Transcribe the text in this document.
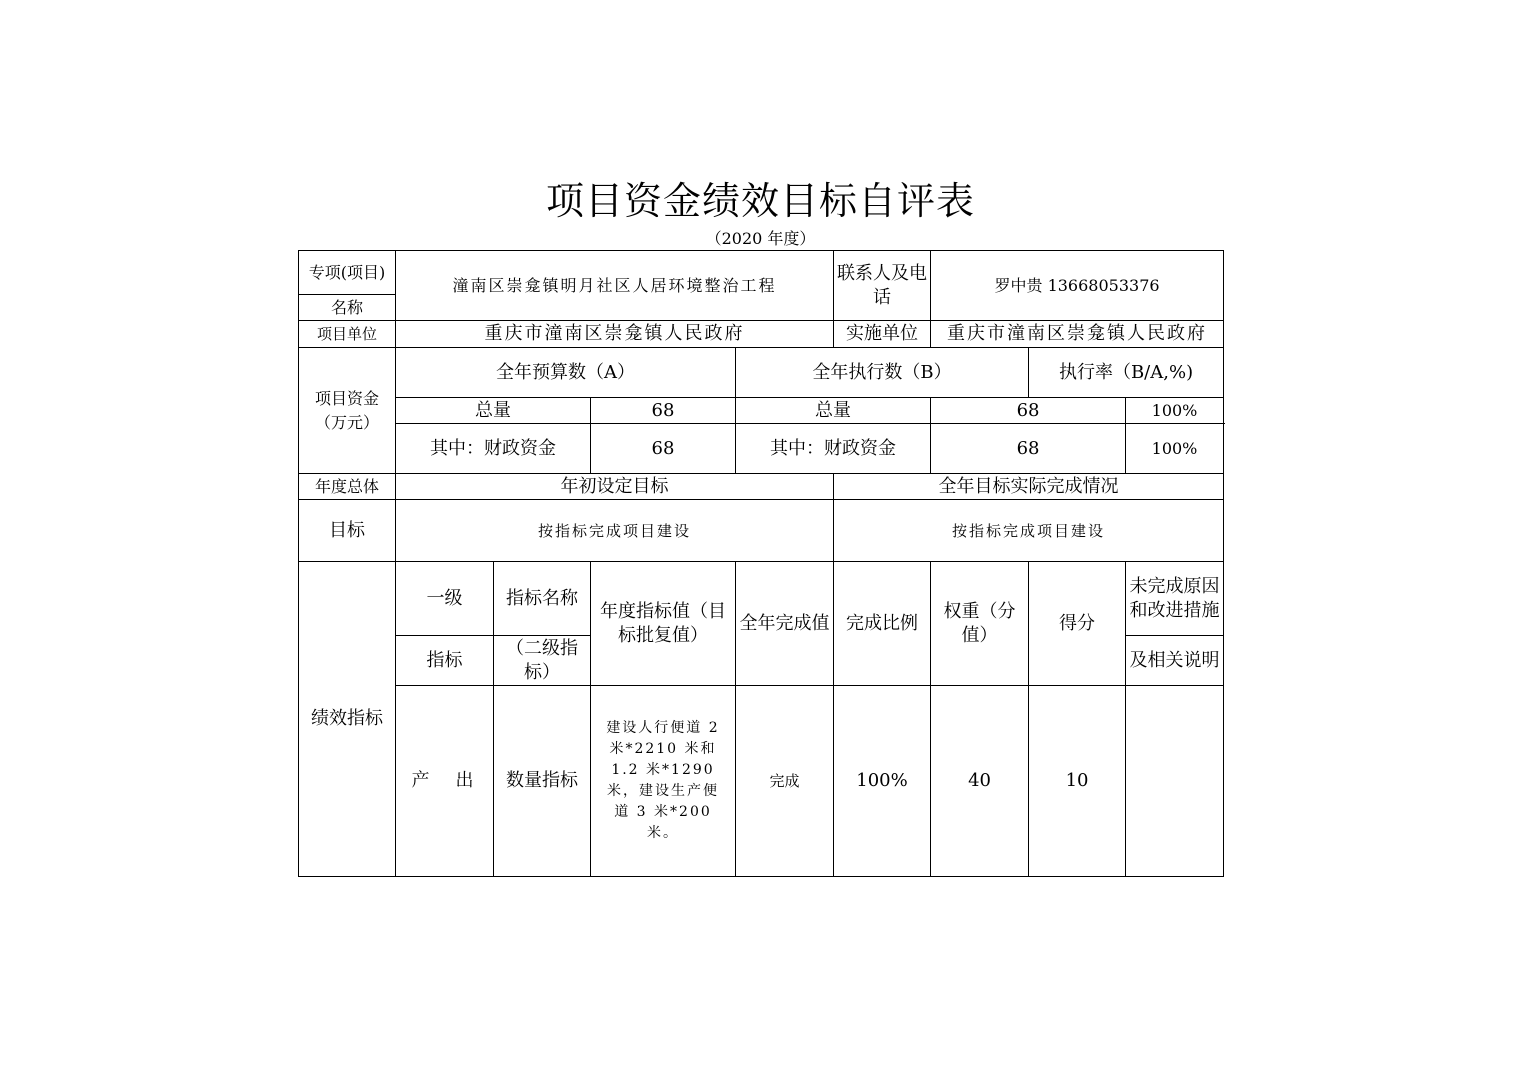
项目资金绩效目标自评表
（2020 年度）
专项(项目)	潼南区崇龛镇明月社区人居环境整治工程				联系人及电话	罗中贵 13668053376		
名称								
项目单位	重庆市潼南区崇龛镇人民政府				实施单位	重庆市潼南区崇龛镇人民政府		
项目资金（万元）	全年预算数（A）			全年执行数（B）			执行率（B/A,%)	
	总量		68	总量		68		100%
	其中：财政资金		68	其中：财政资金		68		100%
年度总体	年初设定目标				全年目标实际完成情况			
目标	按指标完成项目建设				按指标完成项目建设			
绩效指标	一级	指标名称	年度指标值（目标批复值）	全年完成值	完成比例	权重（分值）	得分	未完成原因和改进措施
	指标	（二级指标）						及相关说明
	产　出	数量指标	建设人行便道 2 米*2210 米和 1.2 米*1290 米，建设生产便道 3 米*200 米。	完成	100%	40	10	
